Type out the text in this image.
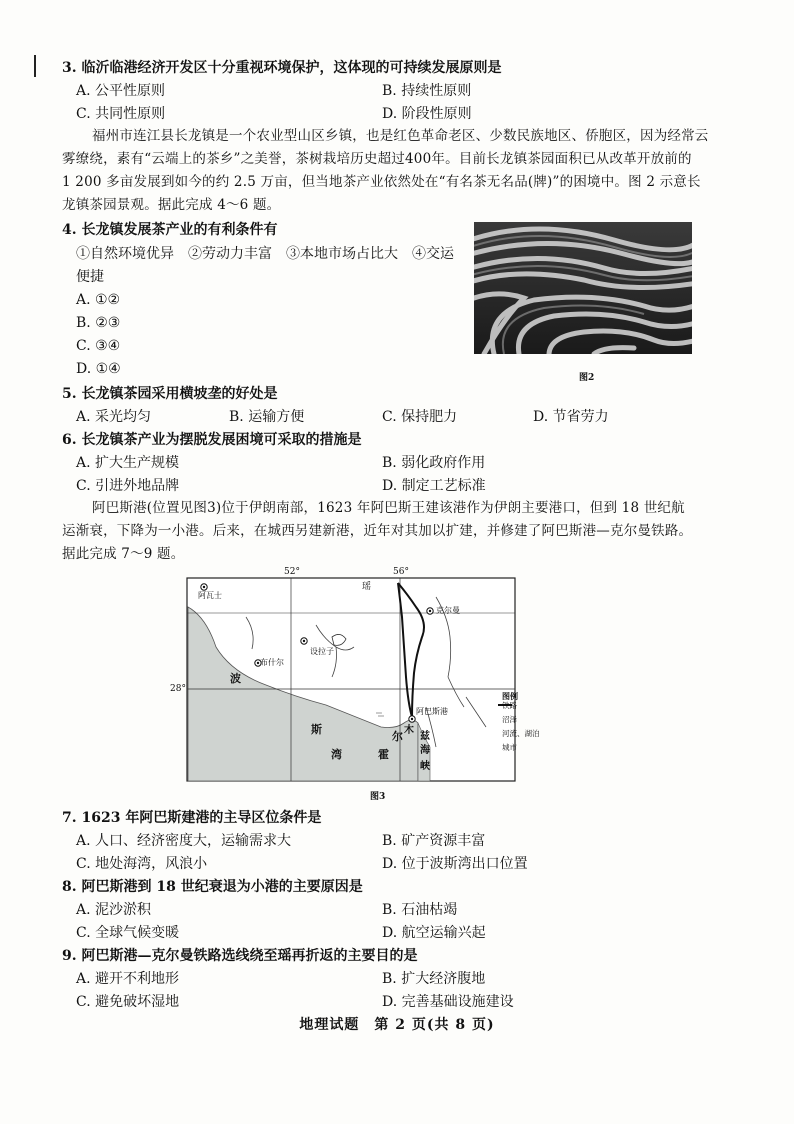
3. 临沂临港经济开发区十分重视环境保护，这体现的可持续发展原则是
A. 公平性原则	B. 持续性原则
C. 共同性原则	D. 阶段性原则
福州市连江县长龙镇是一个农业型山区乡镇，也是红色革命老区、少数民族地区、侨胞区，因为经常云
雾缭绕，素有“云端上的茶乡”之美誉，茶树栽培历史超过400年。目前长龙镇茶园面积已从改革开放前的
1 200 多亩发展到如今的约 2.5 万亩，但当地茶产业依然处在“有名茶无名品(牌)”的困境中。图 2 示意长
龙镇茶园景观。据此完成 4～6 题。
4. 长龙镇发展茶产业的有利条件有
①自然环境优异　②劳动力丰富　③本地市场占比大　④交运
便捷
A. ①②
B. ②③
C. ③④
D. ①④
图2
5. 长龙镇茶园采用横坡垄的好处是
A. 采光均匀	B. 运输方便	C. 保持肥力	D. 节省劳力
6. 长龙镇茶产业为摆脱发展困境可采取的措施是
A. 扩大生产规模	B. 弱化政府作用
C. 引进外地品牌	D. 制定工艺标准
阿巴斯港(位置见图3)位于伊朗南部，1623 年阿巴斯王建该港作为伊朗主要港口，但到 18 世纪航
运渐衰，下降为一小港。后来，在城西另建新港，近年对其加以扩建，并修建了阿巴斯港—克尔曼铁路。
据此完成 7～9 题。
52°	56°
28°
瑶
阿瓦士
克尔曼
设拉子
布什尔
阿巴斯港
波
斯
湾	霍
尔 木
兹
海
峡
图例
铁路
沼泽
河流、湖泊
城市
图3
7. 1623 年阿巴斯建港的主导区位条件是
A. 人口、经济密度大，运输需求大	B. 矿产资源丰富
C. 地处海湾，风浪小	D. 位于波斯湾出口位置
8. 阿巴斯港到 18 世纪衰退为小港的主要原因是
A. 泥沙淤积	B. 石油枯竭
C. 全球气候变暖	D. 航空运输兴起
9. 阿巴斯港—克尔曼铁路选线绕至瑶再折返的主要目的是
A. 避开不利地形	B. 扩大经济腹地
C. 避免破坏湿地	D. 完善基础设施建设
地理试题　第 2 页(共 8 页)
